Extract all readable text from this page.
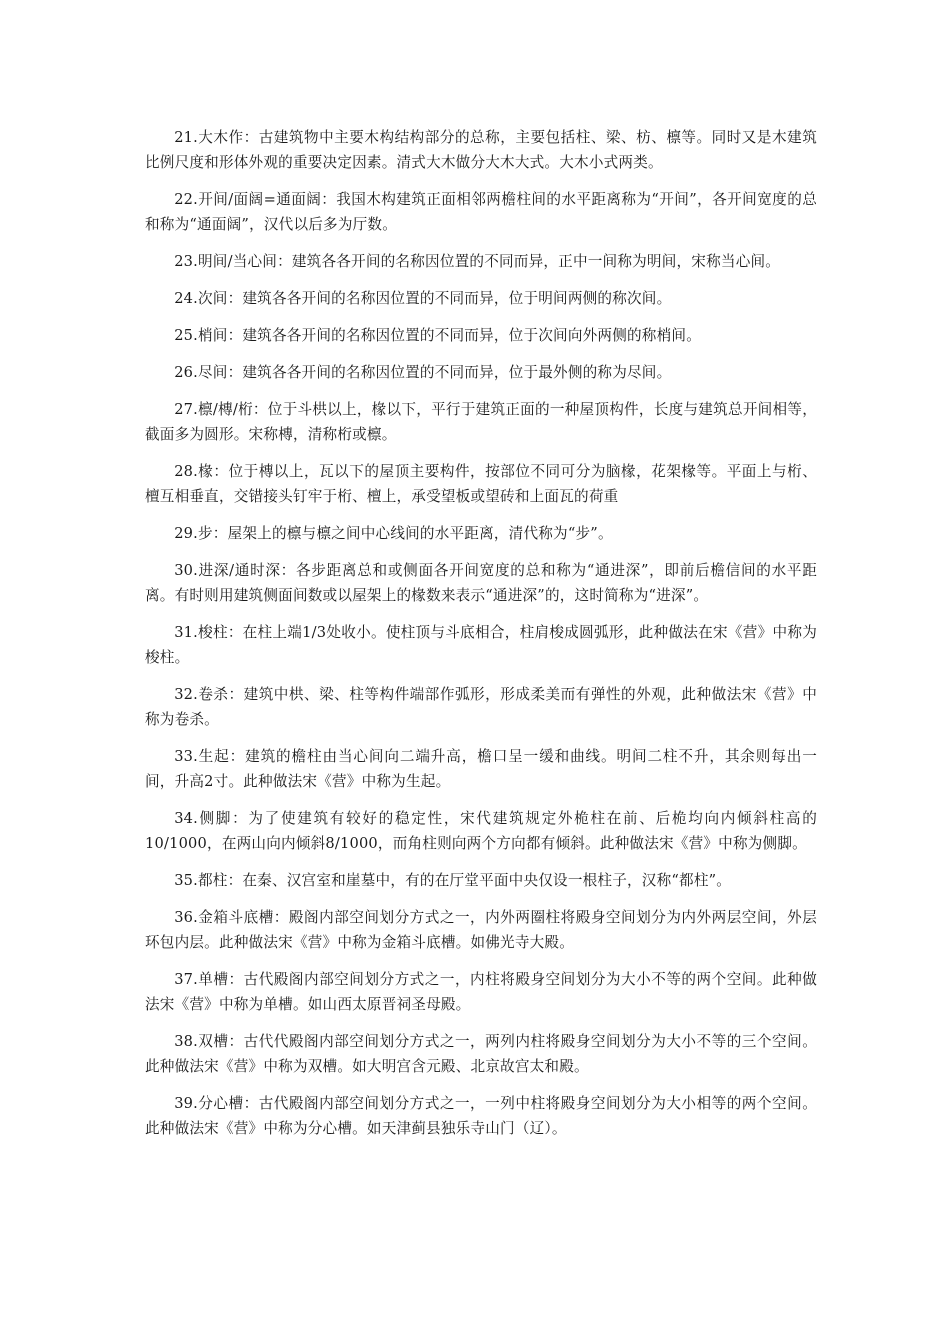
21.大木作：古建筑物中主要木构结构部分的总称，主要包括柱、梁、枋、檩等。同时又是木建筑比例尺度和形体外观的重要决定因素。清式大木做分大木大式。大木小式两类。

22.开间/面阔=通面阔：我国木构建筑正面相邻两檐柱间的水平距离称为“开间”，各开间宽度的总和称为“通面阔”，汉代以后多为厅数。

23.明间/当心间：建筑各各开间的名称因位置的不同而异，正中一间称为明间，宋称当心间。

24.次间：建筑各各开间的名称因位置的不同而异，位于明间两侧的称次间。

25.梢间：建筑各各开间的名称因位置的不同而异，位于次间向外两侧的称梢间。

26.尽间：建筑各各开间的名称因位置的不同而异，位于最外侧的称为尽间。

27.檩/槫/桁：位于斗栱以上，椽以下，平行于建筑正面的一种屋顶构件，长度与建筑总开间相等，截面多为圆形。宋称槫，清称桁或檩。

28.椽：位于槫以上，瓦以下的屋顶主要构件，按部位不同可分为脑椽，花架椽等。平面上与桁、檀互相垂直，交错接头钉牢于桁、檀上，承受望板或望砖和上面瓦的荷重

29.步：屋架上的檩与檩之间中心线间的水平距离，清代称为“步”。

30.进深/通时深：各步距离总和或侧面各开间宽度的总和称为“通进深”，即前后檐信间的水平距离。有时则用建筑侧面间数或以屋架上的椽数来表示“通进深”的，这时简称为“进深”。

31.梭柱：在柱上端1/3处收小。使柱顶与斗底相合，柱肩梭成圆弧形，此种做法在宋《营》中称为梭柱。

32.卷杀：建筑中栱、梁、柱等构件端部作弧形，形成柔美而有弹性的外观，此种做法宋《营》中称为卷杀。

33.生起：建筑的檐柱由当心间向二端升高，檐口呈一缓和曲线。明间二柱不升，其余则每出一间，升高2寸。此种做法宋《营》中称为生起。

34.侧脚：为了使建筑有较好的稳定性，宋代建筑规定外桅柱在前、后桅均向内倾斜柱高的10/1000，在两山向内倾斜8/1000，而角柱则向两个方向都有倾斜。此种做法宋《营》中称为侧脚。

35.都柱：在秦、汉宫室和崖墓中，有的在厅堂平面中央仅设一根柱子，汉称“都柱”。

36.金箱斗底槽：殿阁内部空间划分方式之一，内外两圈柱将殿身空间划分为内外两层空间，外层环包内层。此种做法宋《营》中称为金箱斗底槽。如佛光寺大殿。

37.单槽：古代殿阁内部空间划分方式之一，内柱将殿身空间划分为大小不等的两个空间。此种做法宋《营》中称为单槽。如山西太原晋祠圣母殿。

38.双槽：古代代殿阁内部空间划分方式之一，两列内柱将殿身空间划分为大小不等的三个空间。此种做法宋《营》中称为双槽。如大明宫含元殿、北京故宫太和殿。

39.分心槽：古代殿阁内部空间划分方式之一，一列中柱将殿身空间划分为大小相等的两个空间。此种做法宋《营》中称为分心槽。如天津蓟县独乐寺山门（辽）。
